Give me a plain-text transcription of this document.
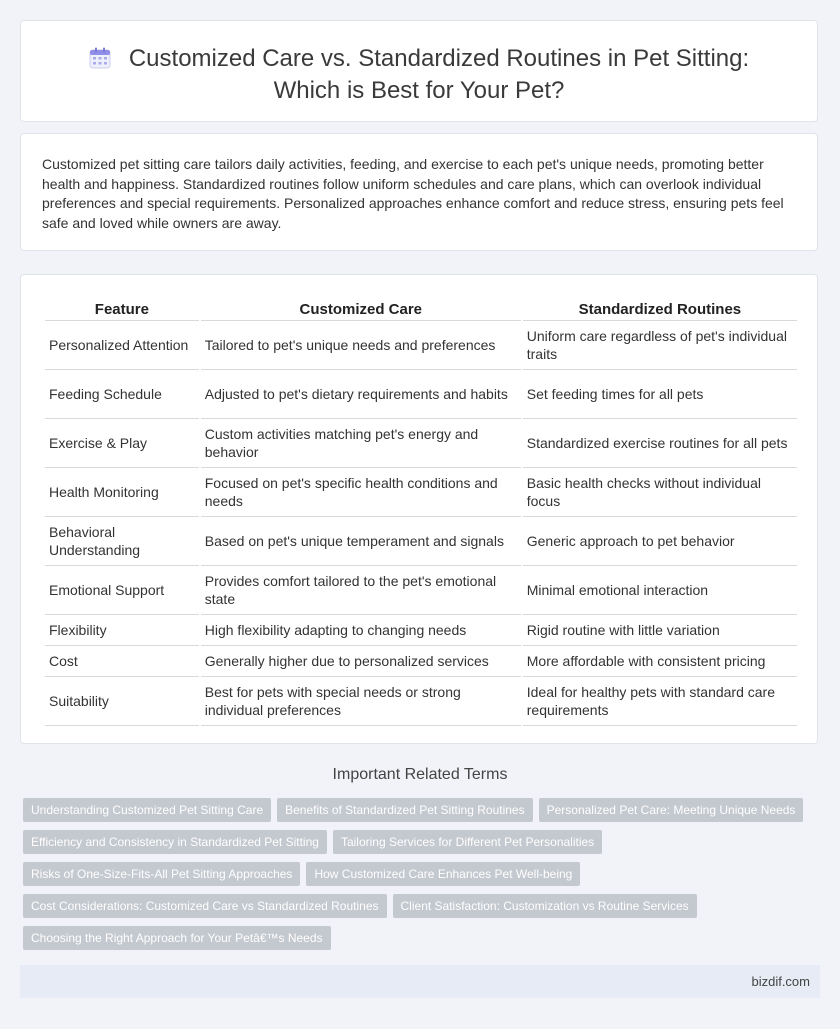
Customized Care vs. Standardized Routines in Pet Sitting: Which is Best for Your Pet?
Customized pet sitting care tailors daily activities, feeding, and exercise to each pet's unique needs, promoting better health and happiness. Standardized routines follow uniform schedules and care plans, which can overlook individual preferences and special requirements. Personalized approaches enhance comfort and reduce stress, ensuring pets feel safe and loved while owners are away.
Feature	Customized Care	Standardized Routines
Personalized Attention	Tailored to pet's unique needs and preferences	Uniform care regardless of pet's individual traits
Feeding Schedule	Adjusted to pet's dietary requirements and habits	Set feeding times for all pets
Exercise & Play	Custom activities matching pet's energy and behavior	Standardized exercise routines for all pets
Health Monitoring	Focused on pet's specific health conditions and needs	Basic health checks without individual focus
Behavioral Understanding	Based on pet's unique temperament and signals	Generic approach to pet behavior
Emotional Support	Provides comfort tailored to the pet's emotional state	Minimal emotional interaction
Flexibility	High flexibility adapting to changing needs	Rigid routine with little variation
Cost	Generally higher due to personalized services	More affordable with consistent pricing
Suitability	Best for pets with special needs or strong individual preferences	Ideal for healthy pets with standard care requirements
Important Related Terms
Understanding Customized Pet Sitting Care Benefits of Standardized Pet Sitting Routines Personalized Pet Care: Meeting Unique Needs
Efficiency and Consistency in Standardized Pet Sitting Tailoring Services for Different Pet Personalities
Risks of One-Size-Fits-All Pet Sitting Approaches How Customized Care Enhances Pet Well-being
Cost Considerations: Customized Care vs Standardized Routines Client Satisfaction: Customization vs Routine Services
Choosing the Right Approach for Your Petâ€™s Needs
bizdif.com
